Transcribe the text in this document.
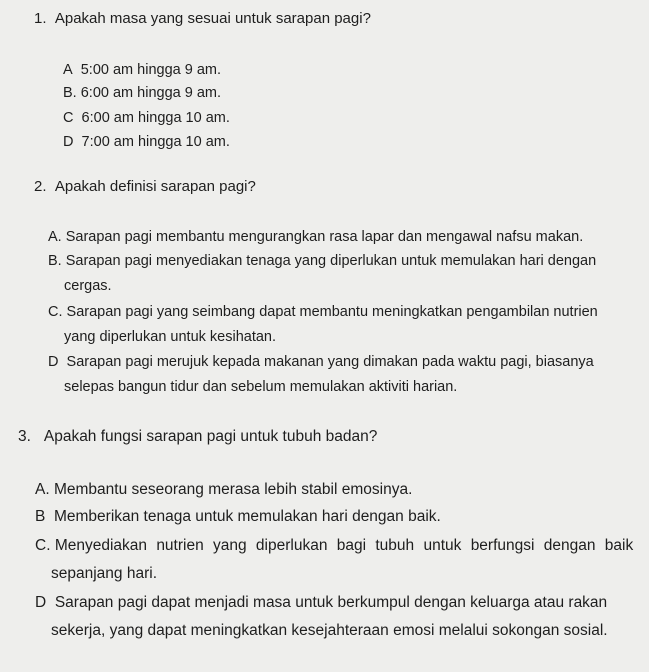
1. Apakah masa yang sesuai untuk sarapan pagi?
A 5:00 am hingga 9 am.
B. 6:00 am hingga 9 am.
C 6:00 am hingga 10 am.
D 7:00 am hingga 10 am.
2. Apakah definisi sarapan pagi?
A. Sarapan pagi membantu mengurangkan rasa lapar dan mengawal nafsu makan.
B. Sarapan pagi menyediakan tenaga yang diperlukan untuk memulakan hari dengan
cergas.
C. Sarapan pagi yang seimbang dapat membantu meningkatkan pengambilan nutrien
yang diperlukan untuk kesihatan.
D Sarapan pagi merujuk kepada makanan yang dimakan pada waktu pagi, biasanya
selepas bangun tidur dan sebelum memulakan aktiviti harian.
3. Apakah fungsi sarapan pagi untuk tubuh badan?
A. Membantu seseorang merasa lebih stabil emosinya.
B Memberikan tenaga untuk memulakan hari dengan baik.
C. Menyediakan nutrien yang diperlukan bagi tubuh untuk berfungsi dengan baik
sepanjang hari.
D Sarapan pagi dapat menjadi masa untuk berkumpul dengan keluarga atau rakan
sekerja, yang dapat meningkatkan kesejahteraan emosi melalui sokongan sosial.
